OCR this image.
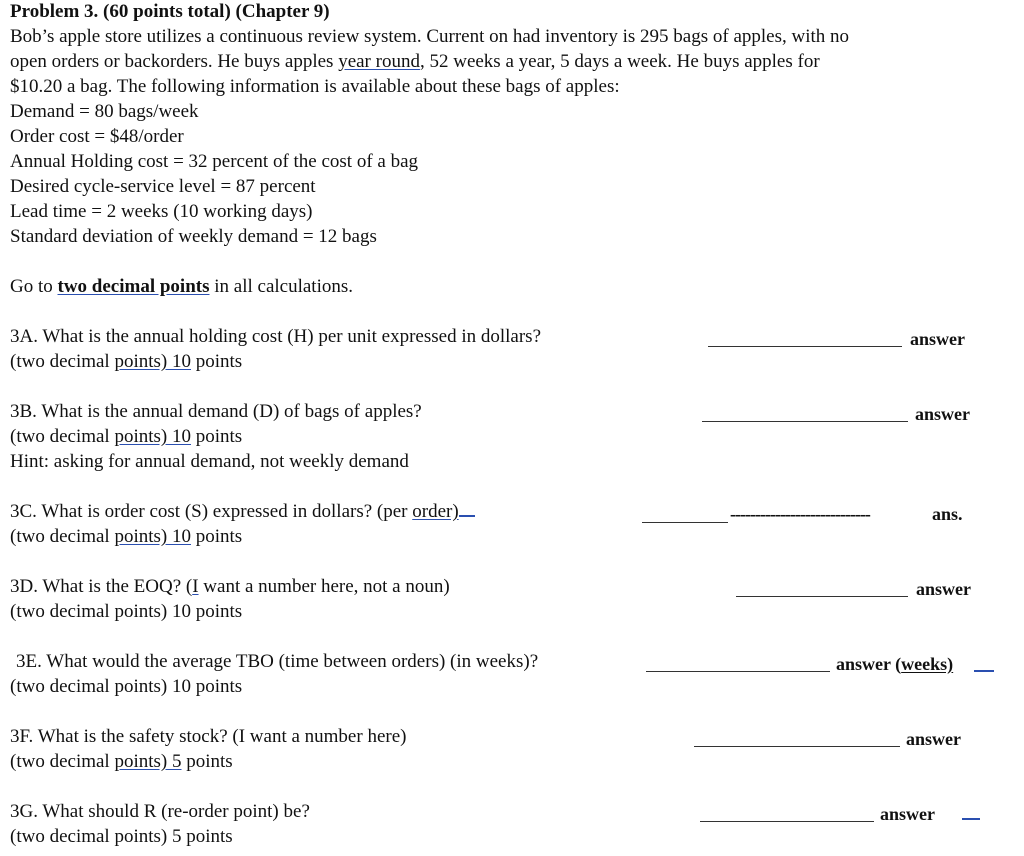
Problem 3. (60 points total) (Chapter 9)
Bob’s apple store utilizes a continuous review system. Current on had inventory is 295 bags of apples, with no
open orders or backorders. He buys apples year round, 52 weeks a year, 5 days a week. He buys apples for
$10.20 a bag. The following information is available about these bags of apples:
Demand = 80 bags/week
Order cost = $48/order
Annual Holding cost = 32 percent of the cost of a bag
Desired cycle-service level = 87 percent
Lead time = 2 weeks (10 working days)
Standard deviation of weekly demand = 12 bags
Go to two decimal points in all calculations.
3A. What is the annual holding cost (H) per unit expressed in dollars?
(two decimal points) 10 points
answer
3B. What is the annual demand (D) of bags of apples?
(two decimal points) 10 points
Hint: asking for annual demand, not weekly demand
answer
3C. What is order cost (S) expressed in dollars? (per order)
(two decimal points) 10 points
----------------------------	ans.
3D. What is the EOQ? (I want a number here, not a noun)
(two decimal points) 10 points
answer
3E. What would the average TBO (time between orders) (in weeks)?
(two decimal points) 10 points
answer (weeks)
3F. What is the safety stock? (I want a number here)
(two decimal points) 5 points
answer
3G. What should R (re-order point) be?
(two decimal points) 5 points
answer
